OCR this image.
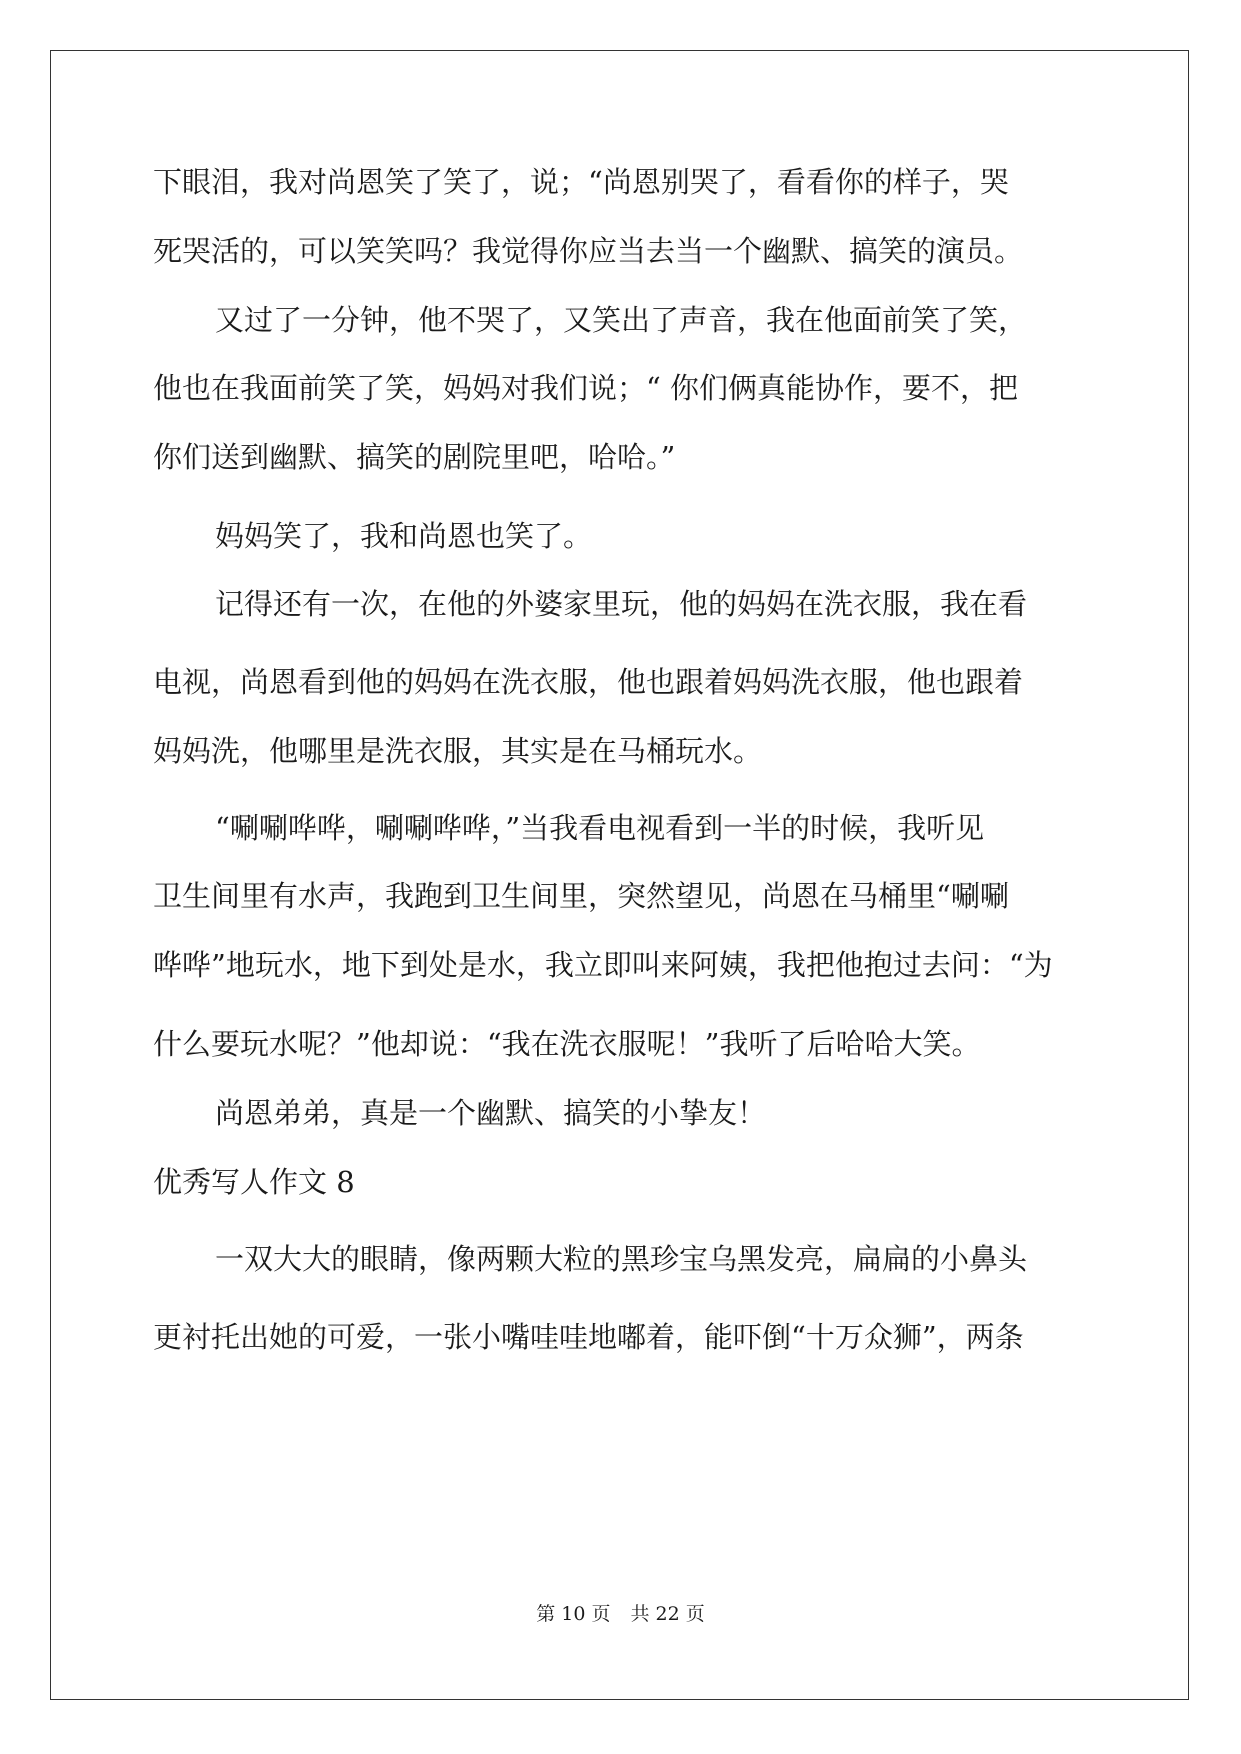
下眼泪，我对尚恩笑了笑了，说；“尚恩别哭了，看看你的样子，哭
死哭活的，可以笑笑吗？我觉得你应当去当一个幽默、搞笑的演员。
又过了一分钟，他不哭了，又笑出了声音，我在他面前笑了笑，
他也在我面前笑了笑，妈妈对我们说；“ 你们俩真能协作，要不，把
你们送到幽默、搞笑的剧院里吧，哈哈。”
妈妈笑了，我和尚恩也笑了。
记得还有一次，在他的外婆家里玩，他的妈妈在洗衣服，我在看
电视，尚恩看到他的妈妈在洗衣服，他也跟着妈妈洗衣服，他也跟着
妈妈洗，他哪里是洗衣服，其实是在马桶玩水。
“唰唰哗哗，唰唰哗哗，”当我看电视看到一半的时候，我听见
卫生间里有水声，我跑到卫生间里，突然望见，尚恩在马桶里“唰唰
哗哗”地玩水，地下到处是水，我立即叫来阿姨，我把他抱过去问：“为
什么要玩水呢？”他却说：“我在洗衣服呢！”我听了后哈哈大笑。
尚恩弟弟，真是一个幽默、搞笑的小挚友！
优秀写人作文 8
一双大大的眼睛，像两颗大粒的黑珍宝乌黑发亮，扁扁的小鼻头
更衬托出她的可爱，一张小嘴哇哇地嘟着，能吓倒“十万众狮”，两条
第 10 页 共 22 页
